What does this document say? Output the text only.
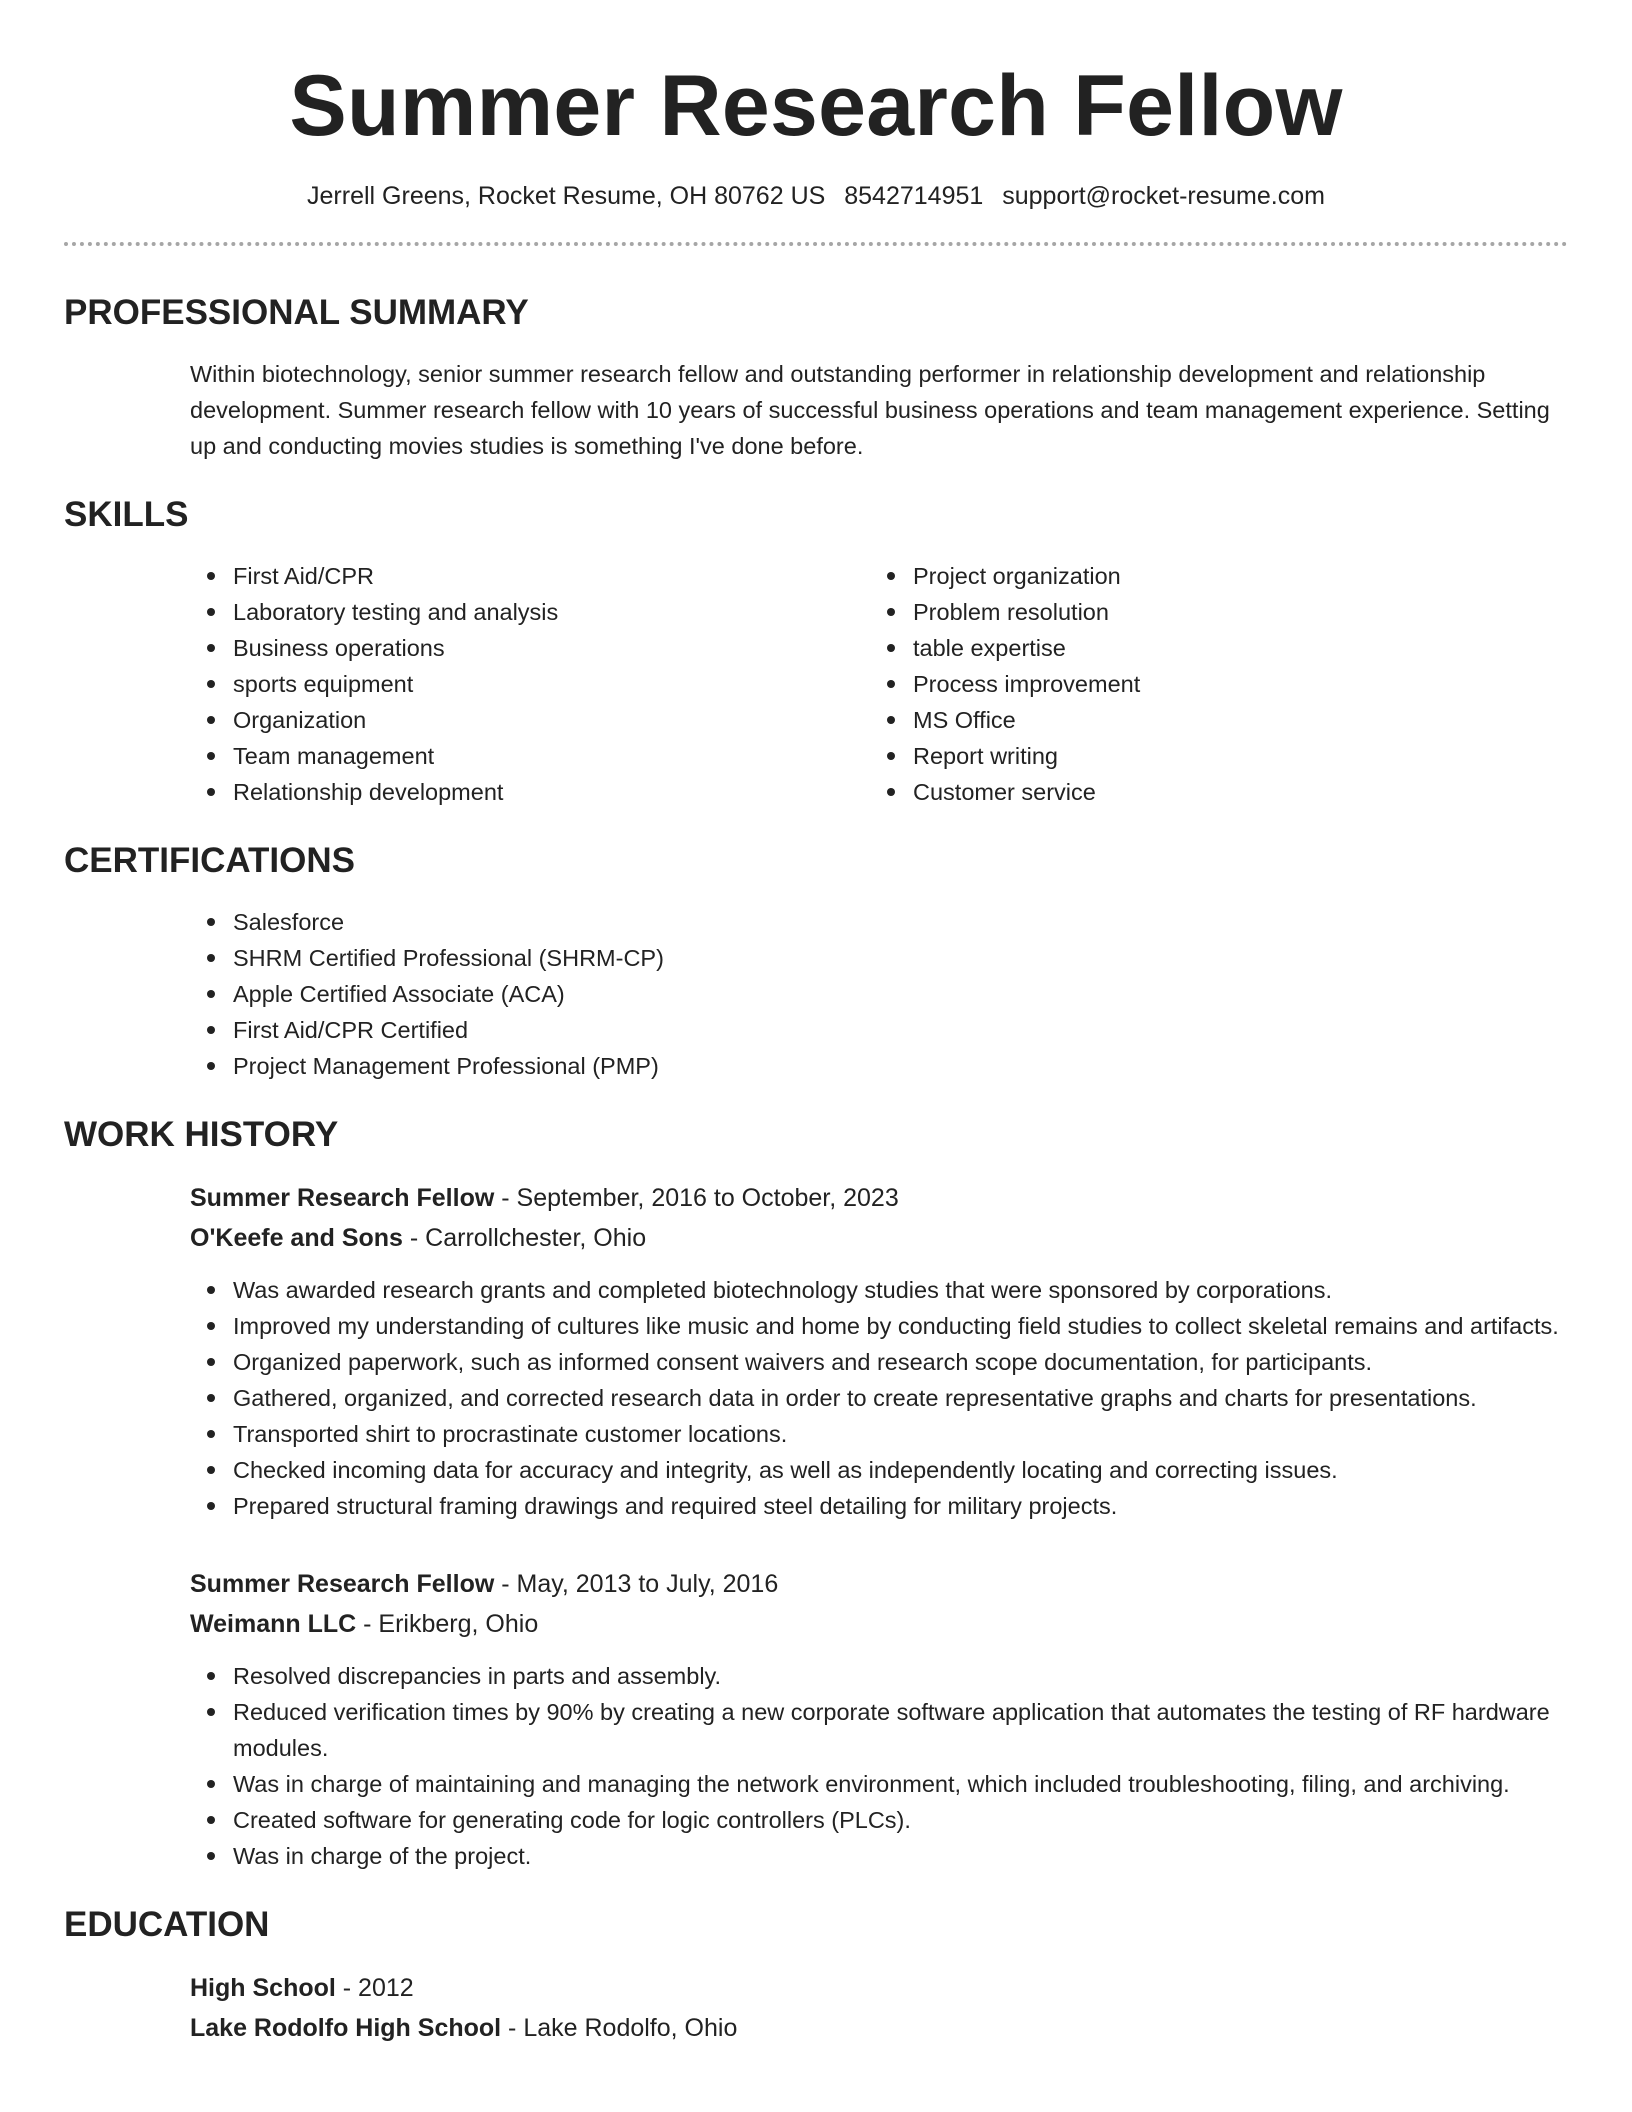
Summer Research Fellow
Jerrell Greens, Rocket Resume, OH 80762 US 8542714951 support@rocket-resume.com
PROFESSIONAL SUMMARY
Within biotechnology, senior summer research fellow and outstanding performer in relationship development and relationship development. Summer research fellow with 10 years of successful business operations and team management experience. Setting up and conducting movies studies is something I've done before.
SKILLS
First Aid/CPR
Laboratory testing and analysis
Business operations
sports equipment
Organization
Team management
Relationship development
Project organization
Problem resolution
table expertise
Process improvement
MS Office
Report writing
Customer service
CERTIFICATIONS
Salesforce
SHRM Certified Professional (SHRM-CP)
Apple Certified Associate (ACA)
First Aid/CPR Certified
Project Management Professional (PMP)
WORK HISTORY
Summer Research Fellow - September, 2016 to October, 2023
O'Keefe and Sons - Carrollchester, Ohio
Was awarded research grants and completed biotechnology studies that were sponsored by corporations.
Improved my understanding of cultures like music and home by conducting field studies to collect skeletal remains and artifacts.
Organized paperwork, such as informed consent waivers and research scope documentation, for participants.
Gathered, organized, and corrected research data in order to create representative graphs and charts for presentations.
Transported shirt to procrastinate customer locations.
Checked incoming data for accuracy and integrity, as well as independently locating and correcting issues.
Prepared structural framing drawings and required steel detailing for military projects.
Summer Research Fellow - May, 2013 to July, 2016
Weimann LLC - Erikberg, Ohio
Resolved discrepancies in parts and assembly.
Reduced verification times by 90% by creating a new corporate software application that automates the testing of RF hardware modules.
Was in charge of maintaining and managing the network environment, which included troubleshooting, filing, and archiving.
Created software for generating code for logic controllers (PLCs).
Was in charge of the project.
EDUCATION
High School - 2012
Lake Rodolfo High School - Lake Rodolfo, Ohio
